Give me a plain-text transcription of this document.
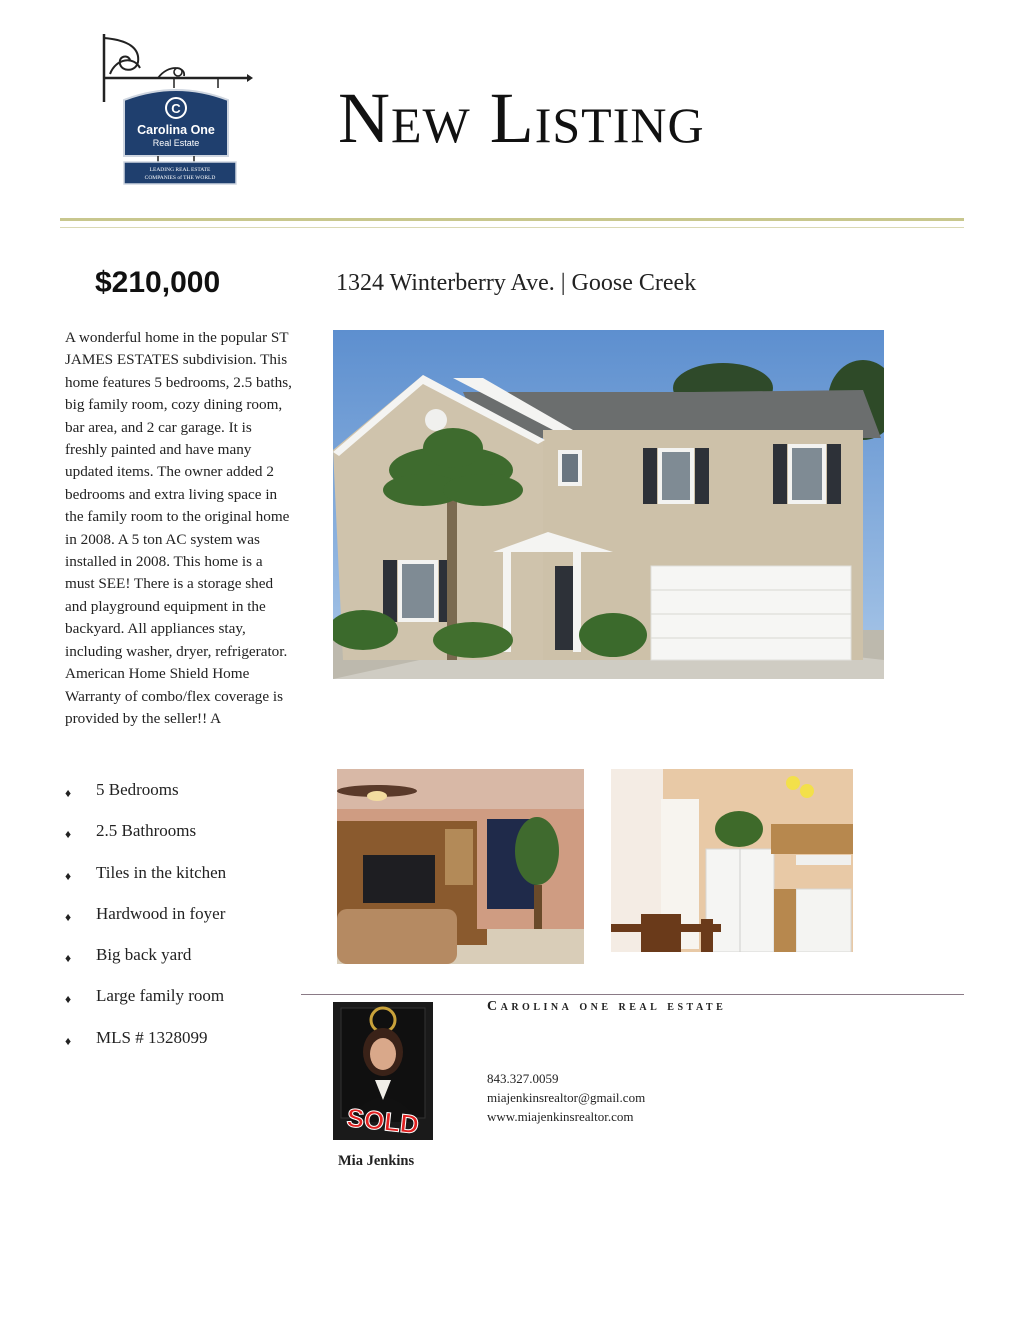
C
Carolina One
Real Estate
LEADING REAL ESTATE
COMPANIES of THE WORLD
New Listing
$210,000	1324 Winterberry Ave. | Goose Creek
A wonderful home in the popular ST JAMES ESTATES subdivision. This home features 5 bedrooms, 2.5 baths, big family room, cozy dining room, bar area, and 2 car garage. It is freshly painted and have many updated items. The owner added 2 bedrooms and extra living space in the family room to the original home in 2008. A 5 ton AC system was installed in 2008. This home is a must SEE! There is a storage shed and playground equipment in the backyard. All appliances stay, including washer, dryer, refrigerator. American Home Shield Home Warranty of combo/flex coverage is provided by the seller!! A
♦ 5 Bedrooms
♦ 2.5 Bathrooms
♦ Tiles in the kitchen
♦ Hardwood in foyer
♦ Big back yard
♦ Large family room
♦ MLS # 1328099
SOLD
Mia Jenkins
Carolina one real estate
843.327.0059
miajenkinsrealtor@gmail.com
www.miajenkinsrealtor.com
